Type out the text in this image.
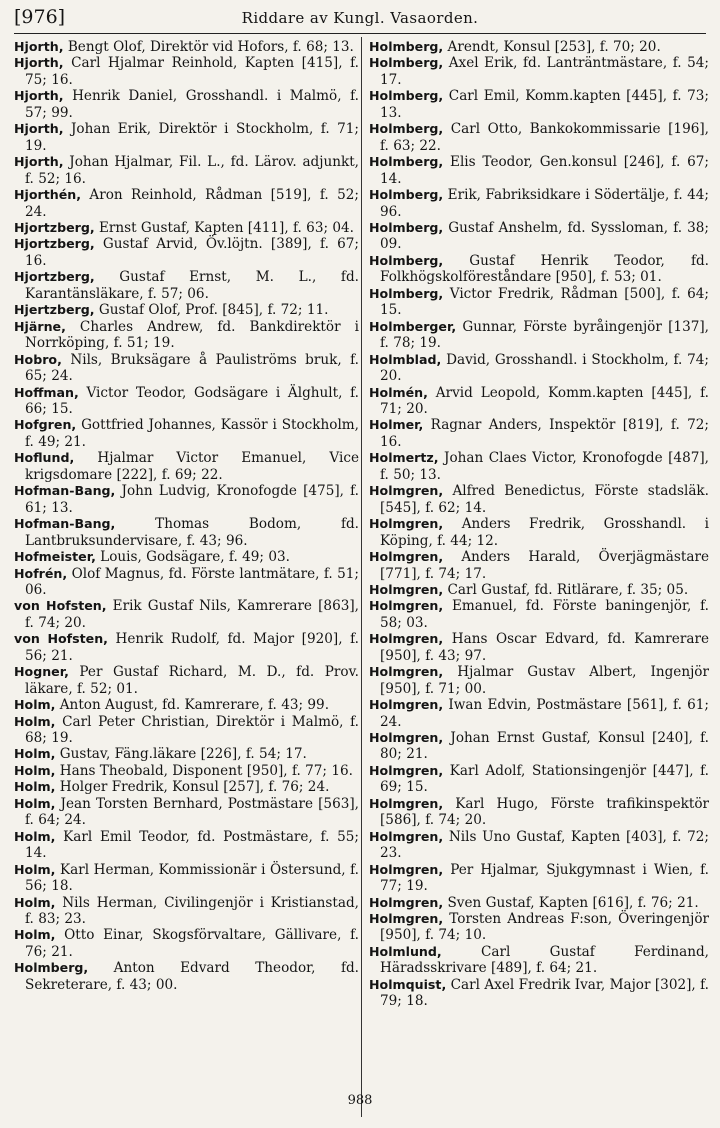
[976]	Riddare av Kungl. Vasaorden.

Hjorth, Bengt Olof, Direktör vid Hofors, f. 68; 13.

Hjorth, Carl Hjalmar Reinhold, Kapten [415], f. 75; 16.

Hjorth, Henrik Daniel, Grosshandl. i Malmö, f. 57; 99.

Hjorth, Johan Erik, Direktör i Stockholm, f. 71; 19.

Hjorth, Johan Hjalmar, Fil. L., fd. Lärov. adjunkt, f. 52; 16.

Hjorthén, Aron Reinhold, Rådman [519], f. 52; 24.

Hjortzberg, Ernst Gustaf, Kapten [411], f. 63; 04.

Hjortzberg, Gustaf Arvid, Öv.löjtn. [389], f. 67; 16.

Hjortzberg, Gustaf Ernst, M. L., fd. Karantänsläkare, f. 57; 06.

Hjertzberg, Gustaf Olof, Prof. [845], f. 72; 11.

Hjärne, Charles Andrew, fd. Bankdirektör i Norrköping, f. 51; 19.

Hobro, Nils, Bruksägare å Pauliströms bruk, f. 65; 24.

Hoffman, Victor Teodor, Godsägare i Älghult, f. 66; 15.

Hofgren, Gottfried Johannes, Kassör i Stockholm, f. 49; 21.

Hoflund, Hjalmar Victor Emanuel, Vice krigsdomare [222], f. 69; 22.

Hofman-Bang, John Ludvig, Kronofogde [475], f. 61; 13.

Hofman-Bang, Thomas Bodom, fd. Lantbruksundervisare, f. 43; 96.

Hofmeister, Louis, Godsägare, f. 49; 03.

Hofrén, Olof Magnus, fd. Förste lantmätare, f. 51; 06.

von Hofsten, Erik Gustaf Nils, Kamrerare [863], f. 74; 20.

von Hofsten, Henrik Rudolf, fd. Major [920], f. 56; 21.

Hogner, Per Gustaf Richard, M. D., fd. Prov. läkare, f. 52; 01.

Holm, Anton August, fd. Kamrerare, f. 43; 99.

Holm, Carl Peter Christian, Direktör i Malmö, f. 68; 19.

Holm, Gustav, Fäng.läkare [226], f. 54; 17.

Holm, Hans Theobald, Disponent [950], f. 77; 16.

Holm, Holger Fredrik, Konsul [257], f. 76; 24.

Holm, Jean Torsten Bernhard, Postmästare [563], f. 64; 24.

Holm, Karl Emil Teodor, fd. Postmästare, f. 55; 14.

Holm, Karl Herman, Kommissionär i Östersund, f. 56; 18.

Holm, Nils Herman, Civilingenjör i Kristianstad, f. 83; 23.

Holm, Otto Einar, Skogsförvaltare, Gällivare, f. 76; 21.

Holmberg, Anton Edvard Theodor, fd. Sekreterare, f. 43; 00.

Holmberg, Arendt, Konsul [253], f. 70; 20.

Holmberg, Axel Erik, fd. Lanträntmästare, f. 54; 17.

Holmberg, Carl Emil, Komm.kapten [445], f. 73; 13.

Holmberg, Carl Otto, Bankokommissarie [196], f. 63; 22.

Holmberg, Elis Teodor, Gen.konsul [246], f. 67; 14.

Holmberg, Erik, Fabriksidkare i Södertälje, f. 44; 96.

Holmberg, Gustaf Anshelm, fd. Syssloman, f. 38; 09.

Holmberg, Gustaf Henrik Teodor, fd. Folkhögskolföreståndare [950], f. 53; 01.

Holmberg, Victor Fredrik, Rådman [500], f. 64; 15.

Holmberger, Gunnar, Förste byråingenjör [137], f. 78; 19.

Holmblad, David, Grosshandl. i Stockholm, f. 74; 20.

Holmén, Arvid Leopold, Komm.kapten [445], f. 71; 20.

Holmer, Ragnar Anders, Inspektör [819], f. 72; 16.

Holmertz, Johan Claes Victor, Kronofogde [487], f. 50; 13.

Holmgren, Alfred Benedictus, Förste stadsläk. [545], f. 62; 14.

Holmgren, Anders Fredrik, Grosshandl. i Köping, f. 44; 12.

Holmgren, Anders Harald, Överjägmästare [771], f. 74; 17.

Holmgren, Carl Gustaf, fd. Ritlärare, f. 35; 05.

Holmgren, Emanuel, fd. Förste baningenjör, f. 58; 03.

Holmgren, Hans Oscar Edvard, fd. Kamrerare [950], f. 43; 97.

Holmgren, Hjalmar Gustav Albert, Ingenjör [950], f. 71; 00.

Holmgren, Iwan Edvin, Postmästare [561], f. 61; 24.

Holmgren, Johan Ernst Gustaf, Konsul [240], f. 80; 21.

Holmgren, Karl Adolf, Stationsingenjör [447], f. 69; 15.

Holmgren, Karl Hugo, Förste trafikinspektör [586], f. 74; 20.

Holmgren, Nils Uno Gustaf, Kapten [403], f. 72; 23.

Holmgren, Per Hjalmar, Sjukgymnast i Wien, f. 77; 19.

Holmgren, Sven Gustaf, Kapten [616], f. 76; 21.

Holmgren, Torsten Andreas F:son, Överingenjör [950], f. 74; 10.

Holmlund, Carl Gustaf Ferdinand, Häradsskrivare [489], f. 64; 21.

Holmquist, Carl Axel Fredrik Ivar, Major [302], f. 79; 18.

988
